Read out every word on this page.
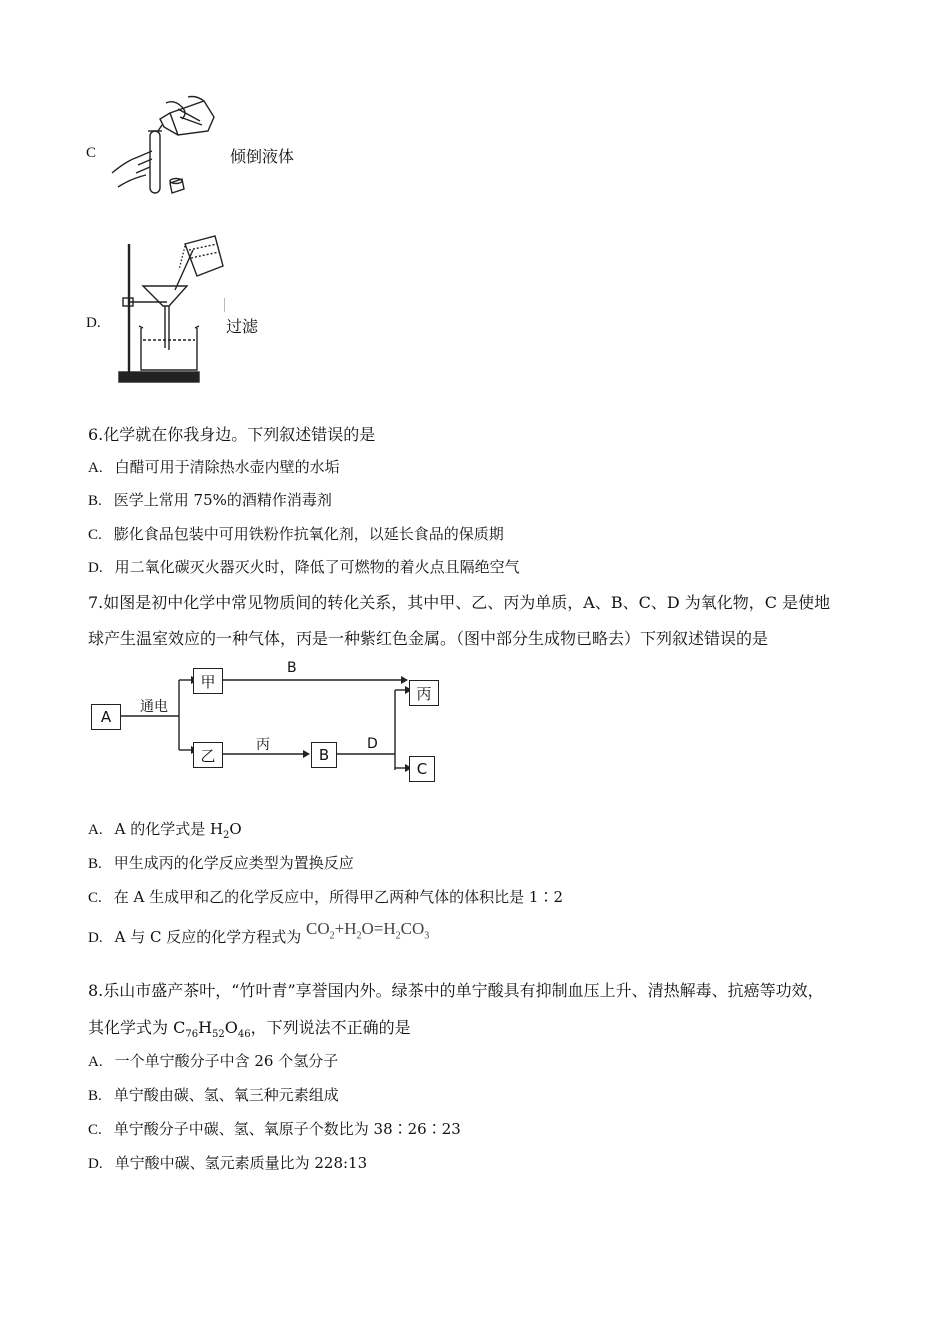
C	倾倒液体
D.	过滤
6.化学就在你我身边。下列叙述错误的是
A. 白醋可用于清除热水壶内壁的水垢
B. 医学上常用 75%的酒精作消毒剂
C. 膨化食品包装中可用铁粉作抗氧化剂，以延长食品的保质期
D. 用二氧化碳灭火器灭火时，降低了可燃物的着火点且隔绝空气
7.如图是初中化学中常见物质间的转化关系，其中甲、乙、丙为单质，A、B、C、D 为氧化物，C 是使地
球产生温室效应的一种气体，丙是一种紫红色金属。（图中部分生成物已略去）下列叙述错误的是
A
甲
乙
丙
B
C
通电
B
丙	D
A. A 的化学式是 $H_2O$
B. 甲生成丙的化学反应类型为置换反应
C. 在 A 生成甲和乙的化学反应中，所得甲乙两种气体的体积比是 1∶2
D. A 与 C 反应的化学方程式为 $CO_2+H_2O=H_2CO_3$
8.乐山市盛产茶叶，“竹叶青”享誉国内外。绿茶中的单宁酸具有抑制血压上升、清热解毒、抗癌等功效，
其化学式为 $C_{76}H_{52}O_{46}$，下列说法不正确的是
A. 一个单宁酸分子中含 26 个氢分子
B. 单宁酸由碳、氢、氧三种元素组成
C. 单宁酸分子中碳、氢、氧原子个数比为 38∶26∶23
D. 单宁酸中碳、氢元素质量比为 228:13
